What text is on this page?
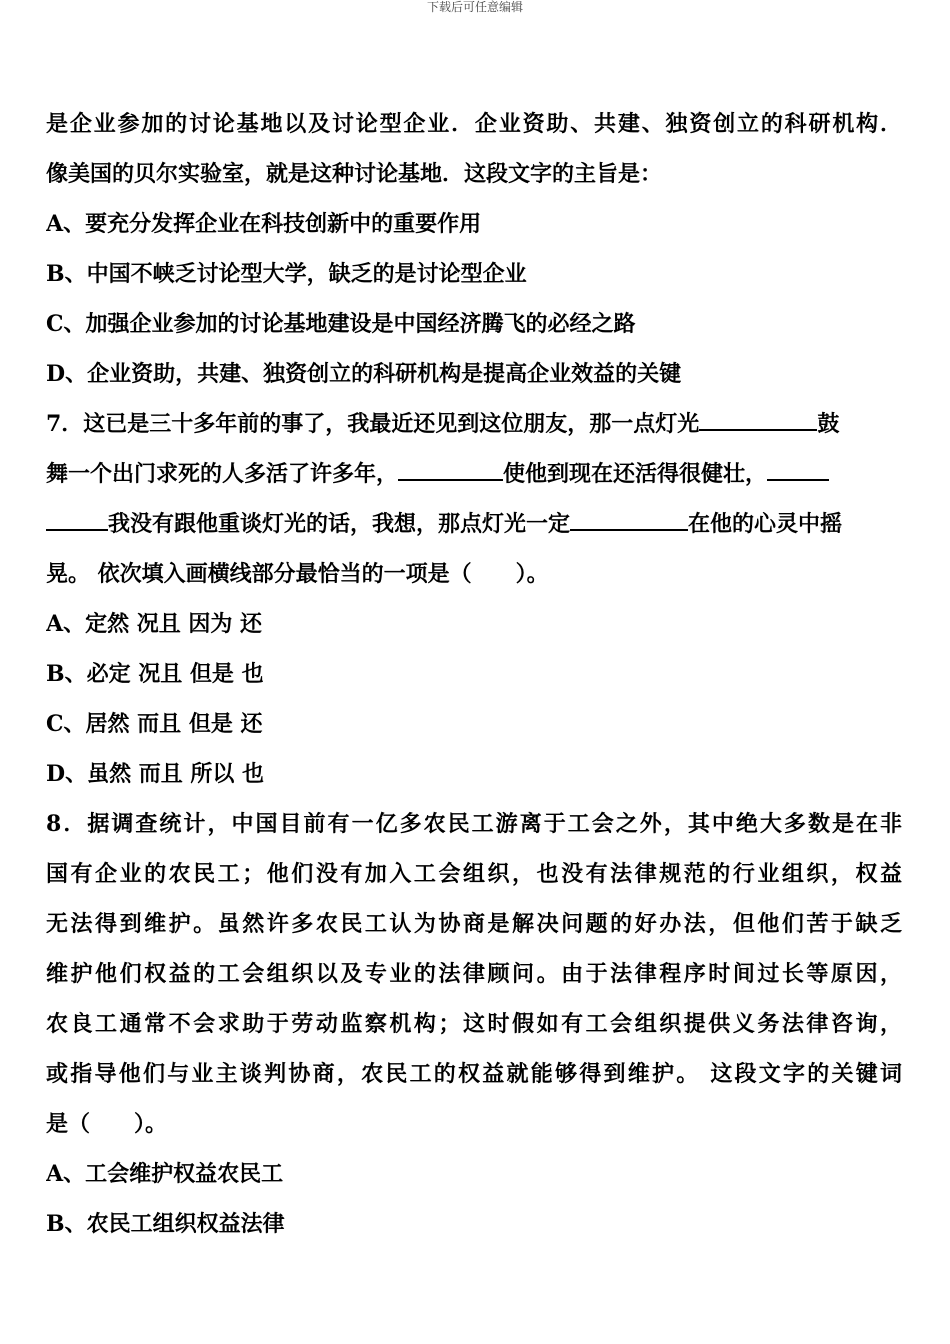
下载后可任意编辑
是企业参加的讨论基地以及讨论型企业．企业资助、共建、独资创立的科研机构．
像美国的贝尔实验室，就是这种讨论基地．这段文字的主旨是：
A、要充分发挥企业在科技创新中的重要作用
B、中国不峡乏讨论型大学，缺乏的是讨论型企业
C、加强企业参加的讨论基地建设是中国经济腾飞的必经之路
D、企业资助，共建、独资创立的科研机构是提高企业效益的关键
7．这已是三十多年前的事了，我最近还见到这位朋友，那一点灯光	鼓
舞一个出门求死的人多活了许多年，	使他到现在还活得很健壮，
我没有跟他重谈灯光的话，我想，那点灯光一定	在他的心灵中摇
晃。 依次填入画横线部分最恰当的一项是（　　）。
A、定然 况且 因为 还
B、必定 况且 但是 也
C、居然 而且 但是 还
D、虽然 而且 所以 也
8．据调查统计，中国目前有一亿多农民工游离于工会之外，其中绝大多数是在非
国有企业的农民工；他们没有加入工会组织，也没有法律规范的行业组织，权益
无法得到维护。虽然许多农民工认为协商是解决问题的好办法，但他们苦于缺乏
维护他们权益的工会组织以及专业的法律顾问。由于法律程序时间过长等原因，
农良工通常不会求助于劳动监察机构；这时假如有工会组织提供义务法律咨询，
或指导他们与业主谈判协商，农民工的权益就能够得到维护。 这段文字的关键词
是（　　）。
A、工会维护权益农民工
B、农民工组织权益法律
